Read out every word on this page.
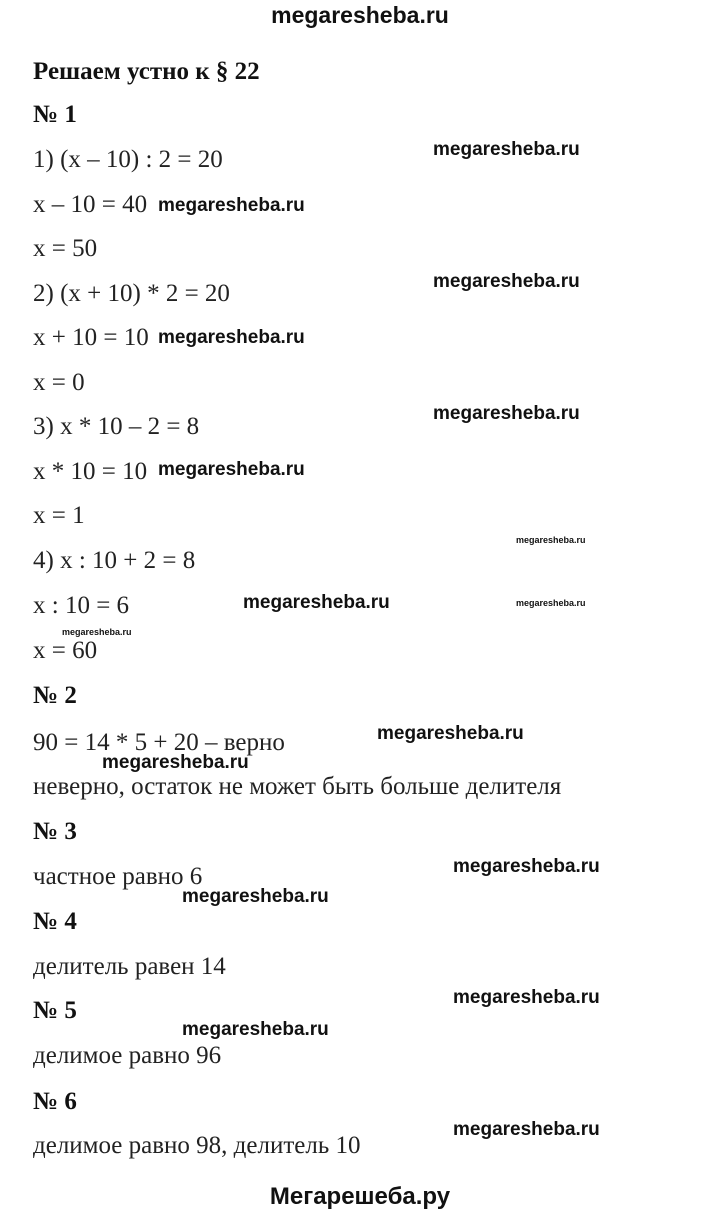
megaresheba.ru
Решаем устно к § 22
№ 1
1) (x – 10) : 2 = 20
x – 10 = 40
x = 50
2) (x + 10) * 2 = 20
x + 10 = 10
x = 0
3) x * 10 – 2 = 8
x * 10 = 10
x = 1
4) x : 10 + 2 = 8
x : 10 = 6
x = 60
№ 2
90 = 14 * 5 + 20 – верно
неверно, остаток не может быть больше делителя
№ 3
частное равно 6
№ 4
делитель равен 14
№ 5
делимое равно 96
№ 6
делимое равно 98, делитель 10
megaresheba.ru
megaresheba.ru
megaresheba.ru
megaresheba.ru
megaresheba.ru
megaresheba.ru
megaresheba.ru
megaresheba.ru	megaresheba.ru
megaresheba.ru
megaresheba.ru
megaresheba.ru
megaresheba.ru
megaresheba.ru
megaresheba.ru
megaresheba.ru
megaresheba.ru
Мегарешеба.ру
